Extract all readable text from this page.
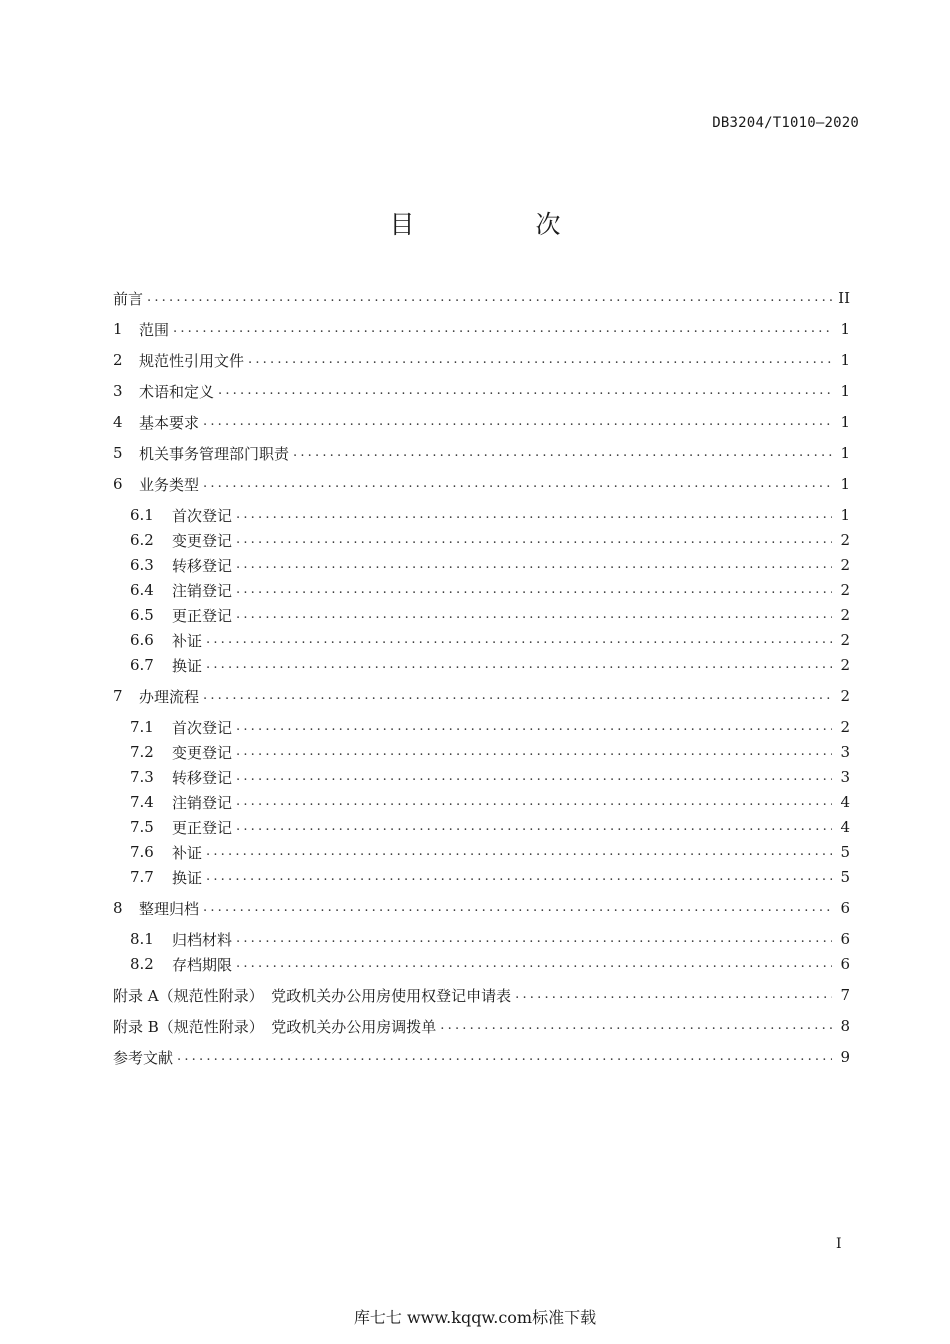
DB3204/T1010—2020
目　次
前言 .....	II
1	范围 .....	1
2	规范性引用文件 .....	1
3	术语和定义 .....	1
4	基本要求 .....	1
5	机关事务管理部门职责 .....	1
6	业务类型 .....	1
6.1	首次登记 .....	1
6.2	变更登记 .....	2
6.3	转移登记 .....	2
6.4	注销登记 .....	2
6.5	更正登记 .....	2
6.6	补证 .....	2
6.7	换证 .....	2
7	办理流程 .....	2
7.1	首次登记 .....	2
7.2	变更登记 .....	3
7.3	转移登记 .....	3
7.4	注销登记 .....	4
7.5	更正登记 .....	4
7.6	补证 .....	5
7.7	换证 .....	5
8	整理归档 .....	6
8.1	归档材料 .....	6
8.2	存档期限 .....	6
附录 A（规范性附录）　党政机关办公用房使用权登记申请表 .....	7
附录 B（规范性附录）　党政机关办公用房调拨单 .....	8
参考文献 .....	9
I
库七七 www.kqqw.com标准下载
